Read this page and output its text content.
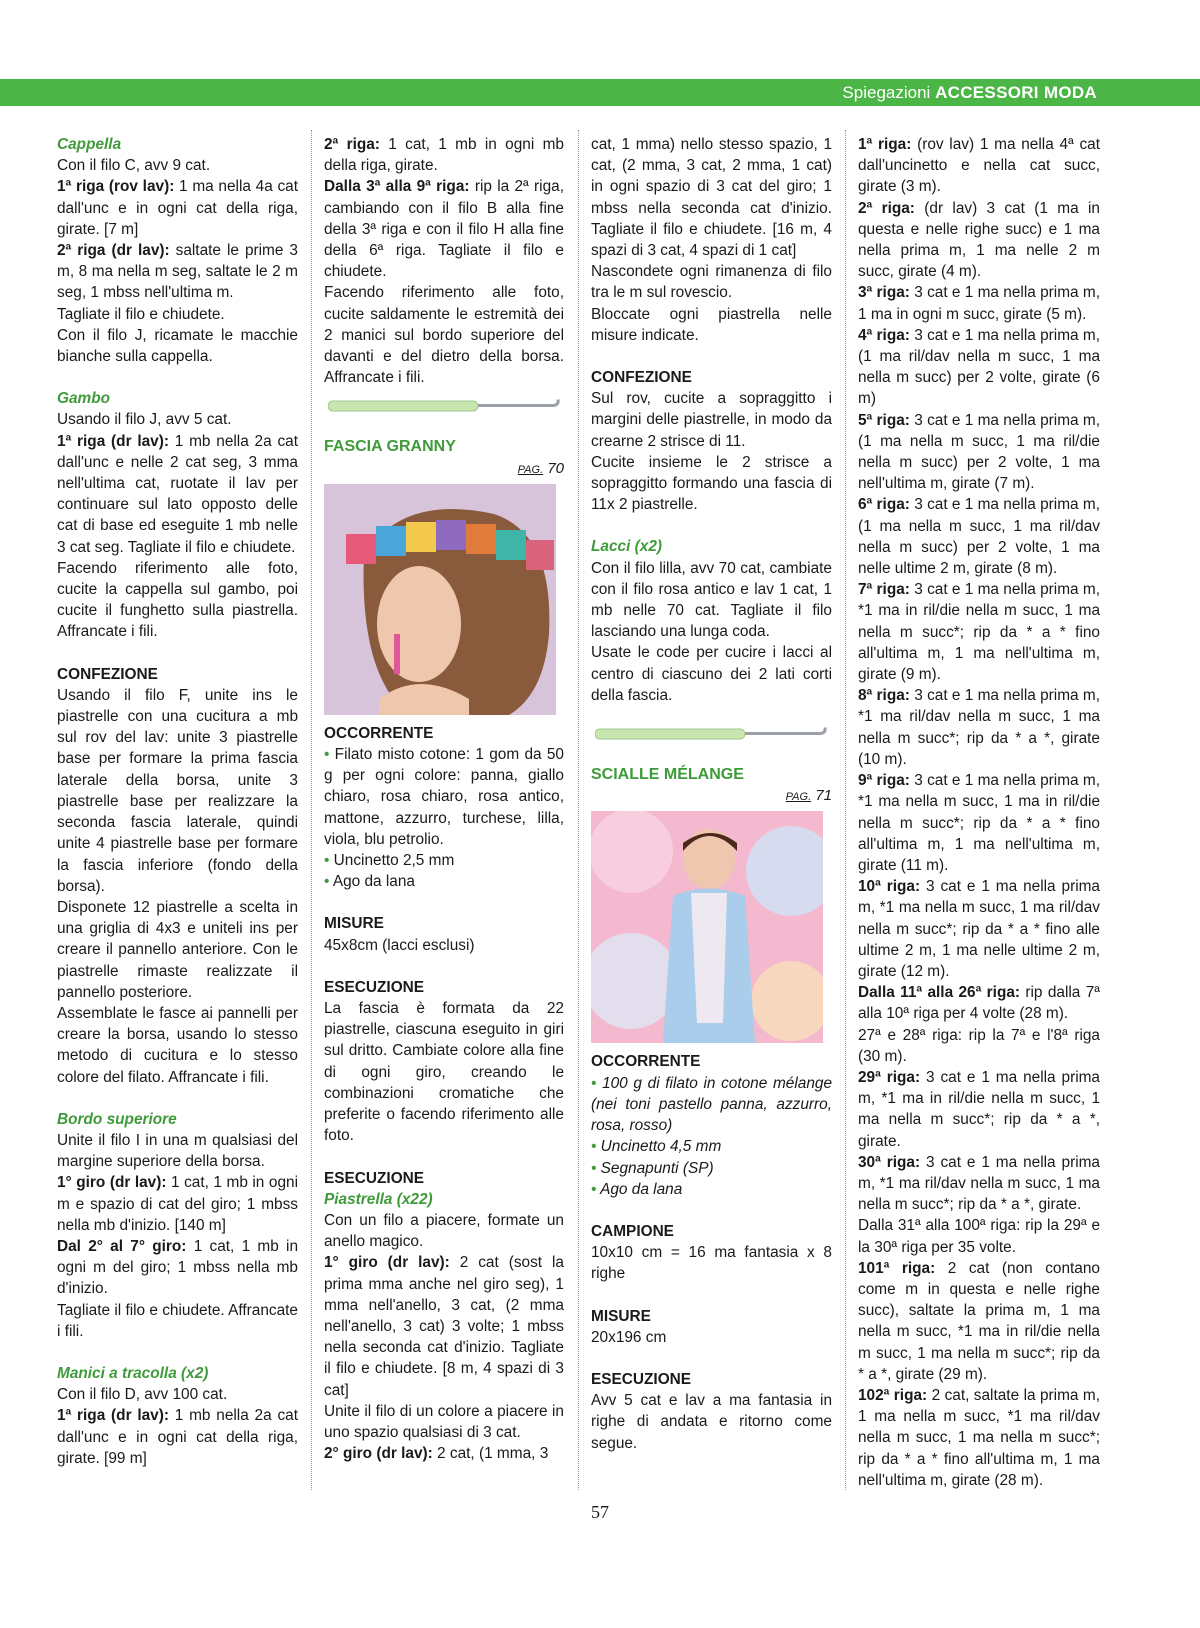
Spiegazioni ACCESSORI MODA

Cappella

Con il filo C, avv 9 cat.

1ª riga (rov lav): 1 ma nella 4a cat dall'unc e in ogni cat della riga, girate. [7 m]

2ª riga (dr lav): saltate le prime 3 m, 8 ma nella m seg, saltate le 2 m seg, 1 mbss nell'ultima m.

Tagliate il filo e chiudete.

Con il filo J, ricamate le macchie bianche sulla cappella.

Gambo

Usando il filo J, avv 5 cat.

1ª riga (dr lav): 1 mb nella 2a cat dall'unc e nelle 2 cat seg, 3 mma nell'ultima cat, ruotate il lav per continuare sul lato opposto delle cat di base ed eseguite 1 mb nelle 3 cat seg. Tagliate il filo e chiudete.

Facendo riferimento alle foto, cucite la cappella sul gambo, poi cucite il funghetto sulla piastrella. Affrancate i fili.

CONFEZIONE

Usando il filo F, unite ins le piastrelle con una cucitura a mb sul rov del lav: unite 3 piastrelle base per formare la prima fascia laterale della borsa, unite 3 piastrelle base per realizzare la seconda fascia laterale, quindi unite 4 piastrelle base per formare la fascia inferiore (fondo della borsa).

Disponete 12 piastrelle a scelta in una griglia di 4x3 e uniteli ins per creare il pannello anteriore. Con le piastrelle rimaste realizzate il pannello posteriore.

Assemblate le fasce ai pannelli per creare la borsa, usando lo stesso metodo di cucitura e lo stesso colore del filato. Affrancate i fili.

Bordo superiore

Unite il filo I in una m qualsiasi del margine superiore della borsa.

1° giro (dr lav): 1 cat, 1 mb in ogni m e spazio di cat del giro; 1 mbss nella mb d'inizio. [140 m]

Dal 2° al 7° giro: 1 cat, 1 mb in ogni m del giro; 1 mbss nella mb d'inizio.

Tagliate il filo e chiudete. Affrancate i fili.

Manici a tracolla (x2)

Con il filo D, avv 100 cat.

1ª riga (dr lav): 1 mb nella 2a cat dall'unc e in ogni cat della riga, girate. [99 m]

2ª riga: 1 cat, 1 mb in ogni mb della riga, girate.

Dalla 3ª alla 9ª riga: rip la 2ª riga, cambiando con il filo B alla fine della 3ª riga e con il filo H alla fine della 6ª riga. Tagliate il filo e chiudete.

Facendo riferimento alle foto, cucite saldamente le estremità dei 2 manici sul bordo superiore del davanti e del dietro della borsa. Affrancate i fili.

FASCIA GRANNY

PAG. 70

OCCORRENTE

• Filato misto cotone: 1 gom da 50 g per ogni colore: panna, giallo chiaro, rosa chiaro, rosa antico, mattone, azzurro, turchese, lilla, viola, blu petrolio.

• Uncinetto 2,5 mm

• Ago da lana

MISURE

45x8cm (lacci esclusi)

ESECUZIONE

La fascia è formata da 22 piastrelle, ciascuna eseguito in giri sul dritto. Cambiate colore alla fine di ogni giro, creando le combinazioni cromatiche che preferite o facendo riferimento alle foto.

ESECUZIONE

Piastrella (x22)

Con un filo a piacere, formate un anello magico.

1° giro (dr lav): 2 cat (sost la prima mma anche nel giro seg), 1 mma nell'anello, 3 cat, (2 mma nell'anello, 3 cat) 3 volte; 1 mbss nella seconda cat d'inizio. Tagliate il filo e chiudete. [8 m, 4 spazi di 3 cat]

Unite il filo di un colore a piacere in uno spazio qualsiasi di 3 cat.

2° giro (dr lav): 2 cat, (1 mma, 3

cat, 1 mma) nello stesso spazio, 1 cat, (2 mma, 3 cat, 2 mma, 1 cat) in ogni spazio di 3 cat del giro; 1 mbss nella seconda cat d'inizio. Tagliate il filo e chiudete. [16 m, 4 spazi di 3 cat, 4 spazi di 1 cat]

Nascondete ogni rimanenza di filo tra le m sul rovescio.

Bloccate ogni piastrella nelle misure indicate.

CONFEZIONE

Sul rov, cucite a sopraggitto i margini delle piastrelle, in modo da crearne 2 strisce di 11.

Cucite insieme le 2 strisce a sopraggitto formando una fascia di 11x 2 piastrelle.

Lacci (x2)

Con il filo lilla, avv 70 cat, cambiate con il filo rosa antico e lav 1 cat, 1 mb nelle 70 cat. Tagliate il filo lasciando una lunga coda.

Usate le code per cucire i lacci al centro di ciascuno dei 2 lati corti della fascia.

SCIALLE MÉLANGE

PAG. 71

OCCORRENTE

• 100 g di filato in cotone mélange (nei toni pastello panna, azzurro, rosa, rosso)

• Uncinetto 4,5 mm

• Segnapunti (SP)

• Ago da lana

CAMPIONE

10x10 cm = 16 ma fantasia x 8 righe

MISURE

20x196 cm

ESECUZIONE

Avv 5 cat e lav a ma fantasia in righe di andata e ritorno come segue.

1ª riga: (rov lav) 1 ma nella 4ª cat dall'uncinetto e nella cat succ, girate (3 m).

2ª riga: (dr lav) 3 cat (1 ma in questa e nelle righe succ) e 1 ma nella prima m, 1 ma nelle 2 m succ, girate (4 m).

3ª riga: 3 cat e 1 ma nella prima m, 1 ma in ogni m succ, girate (5 m).

4ª riga: 3 cat e 1 ma nella prima m, (1 ma ril/dav nella m succ, 1 ma nella m succ) per 2 volte, girate (6 m)

5ª riga: 3 cat e 1 ma nella prima m, (1 ma nella m succ, 1 ma ril/die nella m succ) per 2 volte, 1 ma nell'ultima m, girate (7 m).

6ª riga: 3 cat e 1 ma nella prima m, (1 ma nella m succ, 1 ma ril/dav nella m succ) per 2 volte, 1 ma nelle ultime 2 m, girate (8 m).

7ª riga: 3 cat e 1 ma nella prima m, *1 ma in ril/die nella m succ, 1 ma nella m succ*; rip da * a * fino all'ultima m, 1 ma nell'ultima m, girate (9 m).

8ª riga: 3 cat e 1 ma nella prima m, *1 ma ril/dav nella m succ, 1 ma nella m succ*; rip da * a *, girate (10 m).

9ª riga: 3 cat e 1 ma nella prima m, *1 ma nella m succ, 1 ma in ril/die nella m succ*; rip da * a * fino all'ultima m, 1 ma nell'ultima m, girate (11 m).

10ª riga: 3 cat e 1 ma nella prima m, *1 ma nella m succ, 1 ma ril/dav nella m succ*; rip da * a * fino alle ultime 2 m, 1 ma nelle ultime 2 m, girate (12 m).

Dalla 11ª alla 26ª riga: rip dalla 7ª alla 10ª riga per 4 volte (28 m).

27ª e 28ª riga: rip la 7ª e l'8ª riga (30 m).

29ª riga: 3 cat e 1 ma nella prima m, *1 ma in ril/die nella m succ, 1 ma nella m succ*; rip da * a *, girate.

30ª riga: 3 cat e 1 ma nella prima m, *1 ma ril/dav nella m succ, 1 ma nella m succ*; rip da * a *, girate.

Dalla 31ª alla 100ª riga: rip la 29ª e la 30ª riga per 35 volte.

101ª riga: 2 cat (non contano come m in questa e nelle righe succ), saltate la prima m, 1 ma nella m succ, *1 ma in ril/die nella m succ, 1 ma nella m succ*; rip da * a *, girate (29 m).

102ª riga: 2 cat, saltate la prima m, 1 ma nella m succ, *1 ma ril/dav nella m succ, 1 ma nella m succ*; rip da * a * fino all'ultima m, 1 ma nell'ultima m, girate (28 m).

57
